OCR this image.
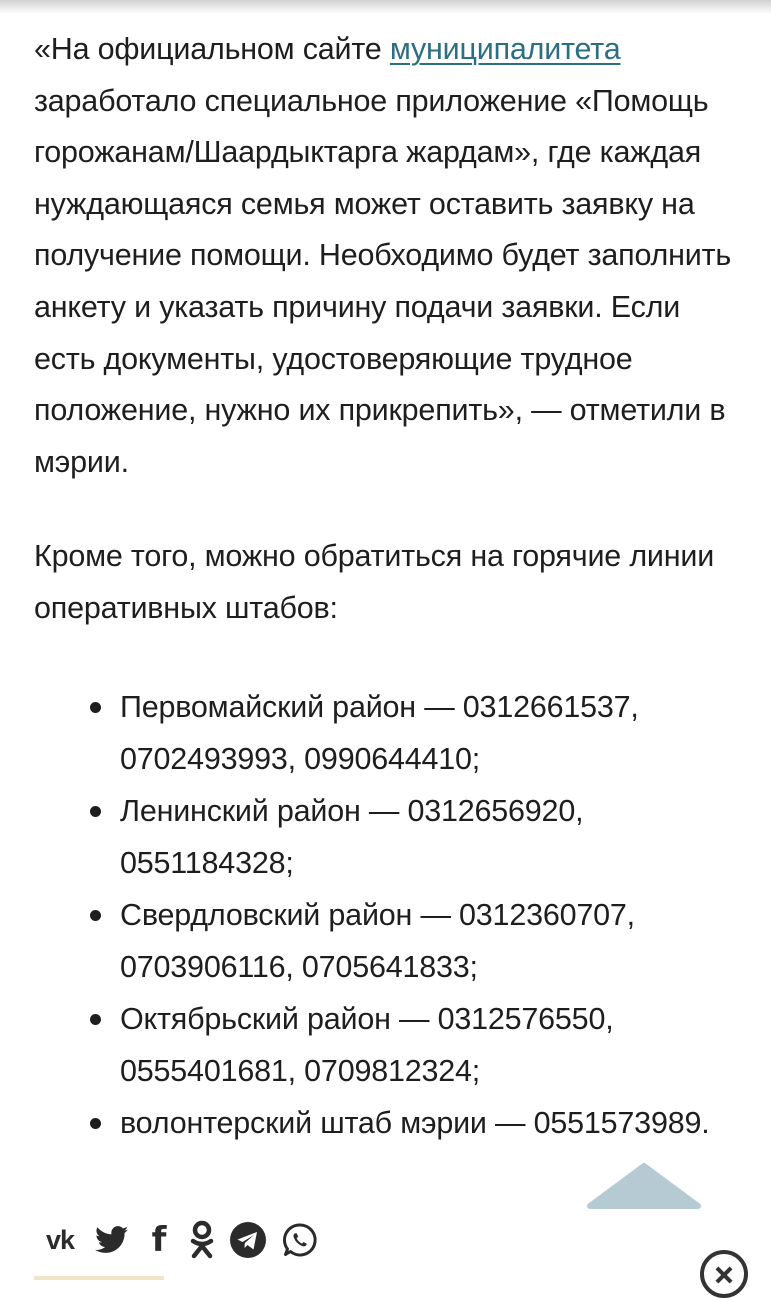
«На официальном сайте муниципалитета заработало специальное приложение «Помощь горожанам/Шаардыктарга жардам», где каждая нуждающаяся семья может оставить заявку на получение помощи. Необходимо будет заполнить анкету и указать причину подачи заявки. Если есть документы, удостоверяющие трудное положение, нужно их прикрепить», — отметили в мэрии.

Кроме того, можно обратиться на горячие линии оперативных штабов:

Первомайский район — 0312661537, 0702493993, 0990644410;
Ленинский район — 0312656920, 0551184328;
Свердловский район — 0312360707, 0703906116, 0705641833;
Октябрьский район — 0312576550, 0555401681, 0709812324;
волонтерский штаб мэрии — 0551573989.
vk	f
